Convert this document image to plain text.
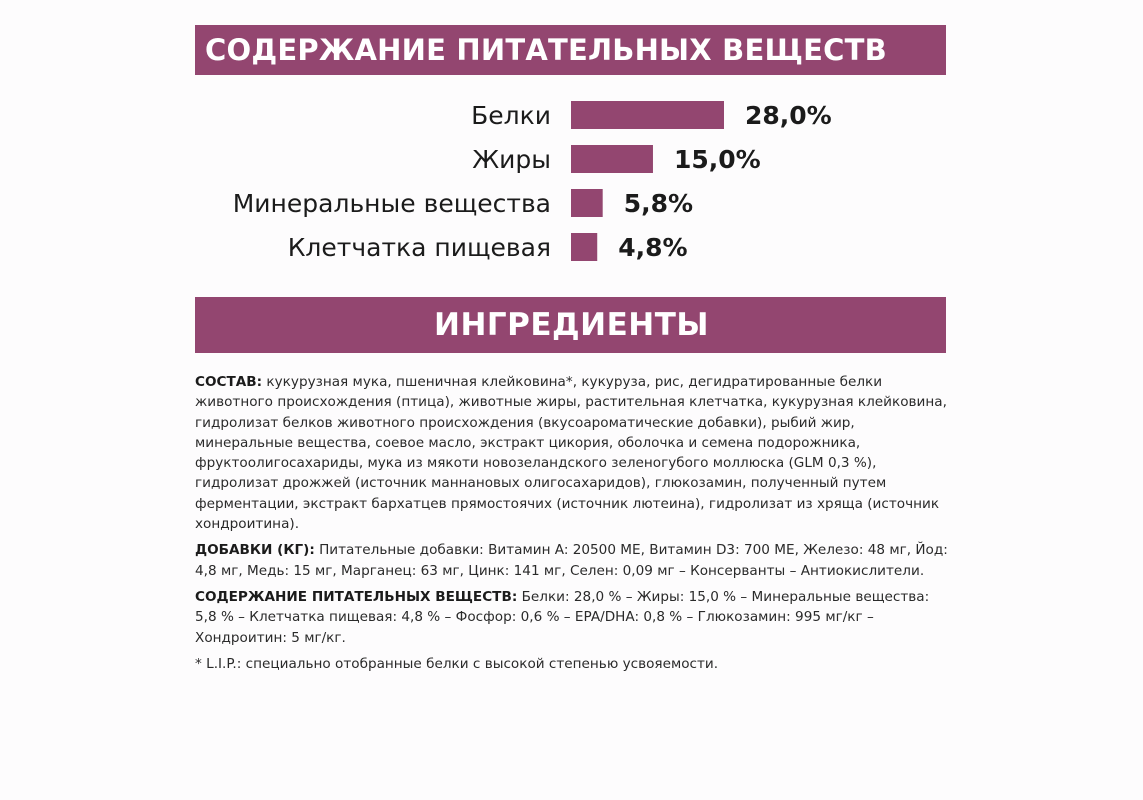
СОДЕРЖАНИЕ ПИТАТЕЛЬНЫХ ВЕЩЕСТВ
Белки	28,0%
Жиры	15,0%
Минеральные вещества	5,8%
Клетчатка пищевая	4,8%
ИНГРЕДИЕНТЫ

СОСТАВ: кукурузная мука, пшеничная клейковина*, кукуруза, рис, дегидратированные белки животного происхождения (птица), животные жиры, растительная клетчатка, кукурузная клейковина, гидролизат белков животного происхождения (вкусоароматические добавки), рыбий жир, минеральные вещества, соевое масло, экстракт цикория, оболочка и семена подорожника, фруктоолигосахариды, мука из мякоти новозеландского зеленогубого моллюска (GLM 0,3 %), гидролизат дрожжей (источник маннановых олигосахаридов), глюкозамин, полученный путем ферментации, экстракт бархатцев прямостоячих (источник лютеина), гидролизат из хряща (источник хондроитина).

ДОБАВКИ (КГ): Питательные добавки: Витамин A: 20500 МЕ, Витамин D3: 700 МЕ, Железо: 48 мг, Йод: 4,8 мг, Медь: 15 мг, Марганец: 63 мг, Цинк: 141 мг, Селен: 0,09 мг – Консерванты – Антиокислители.

СОДЕРЖАНИЕ ПИТАТЕЛЬНЫХ ВЕЩЕСТВ: Белки: 28,0 % – Жиры: 15,0 % – Минеральные вещества: 5,8 % – Клетчатка пищевая: 4,8 % – Фосфор: 0,6 % – EPA/DHA: 0,8 % – Глюкозамин: 995 мг/кг – Хондроитин: 5 мг/кг.

* L.I.P.: специально отобранные белки с высокой степенью усвояемости.
